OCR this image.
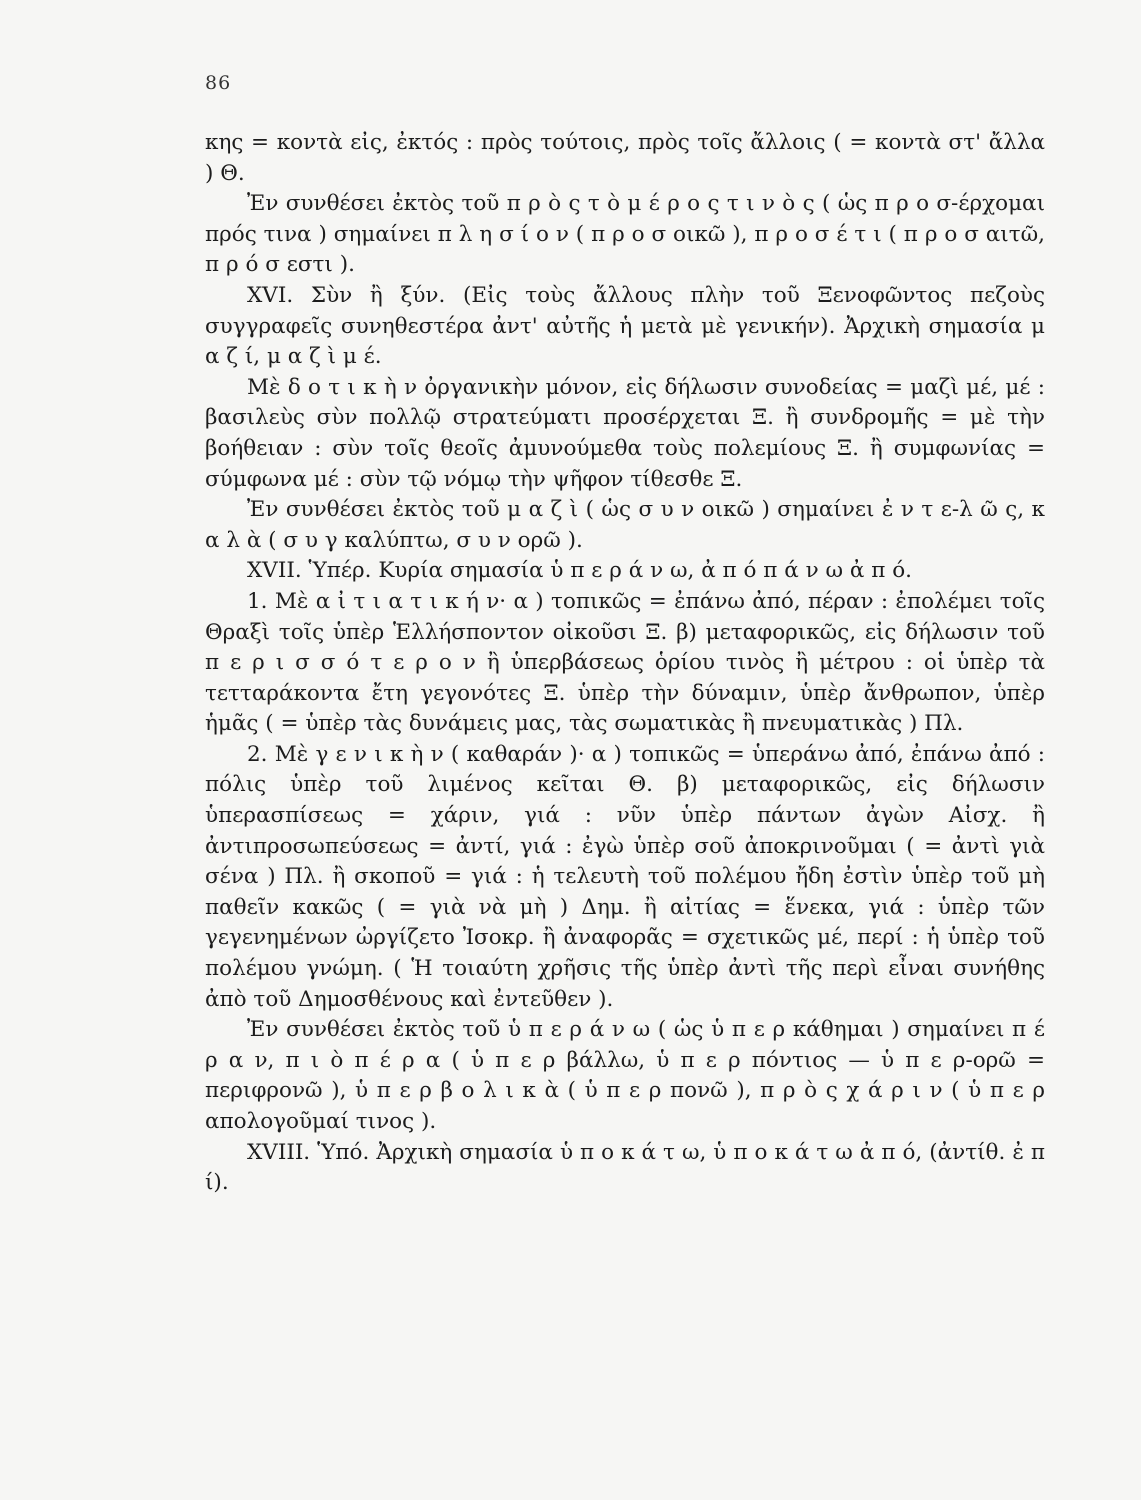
86

κης = κοντὰ εἰς, ἐκτός : πρὸς τούτοις, πρὸς τοῖς ἄλλοις ( = κοντὰ στ' ἄλλα ) Θ.

Ἐν συνθέσει ἐκτὸς τοῦ π ρ ὸ ς τ ὸ μ έ ρ ο ς τ ι ν ὸ ς ( ὡς π ρ ο σ-έρχομαι πρός τινα ) σημαίνει π λ η σ ί ο ν ( π ρ ο σ οικῶ ), π ρ ο σ έ τ ι ( π ρ ο σ αιτῶ, π ρ ό σ εστι ).

XVI. Σὺν ἢ ξύν. (Εἰς τοὺς ἄλλους πλὴν τοῦ Ξενοφῶντος πεζοὺς συγγραφεῖς συνηθεστέρα ἀντ' αὐτῆς ἡ μετὰ μὲ γενικήν). Ἀρχικὴ σημασία μ α ζ ί, μ α ζ ὶ μ έ.

Μὲ δ ο τ ι κ ὴ ν ὀργανικὴν μόνον, εἰς δήλωσιν συνοδείας = μαζὶ μέ, μέ : βασιλεὺς σὺν πολλῷ στρατεύματι προσέρχεται Ξ. ἢ συνδρομῆς = μὲ τὴν βοήθειαν : σὺν τοῖς θεοῖς ἀμυνούμεθα τοὺς πολεμίους Ξ. ἢ συμφωνίας = σύμφωνα μέ : σὺν τῷ νόμῳ τὴν ψῆφον τίθεσθε Ξ.

Ἐν συνθέσει ἐκτὸς τοῦ μ α ζ ὶ ( ὡς σ υ ν οικῶ ) σημαίνει ἐ ν τ ε-λ ῶ ς, κ α λ ὰ ( σ υ γ καλύπτω, σ υ ν ορῶ ).

XVII. Ὑπέρ. Κυρία σημασία ὑ π ε ρ ά ν ω, ἀ π ό π ά ν ω ἀ π ό.

1. Μὲ α ἰ τ ι α τ ι κ ή ν· α ) τοπικῶς = ἐπάνω ἀπό, πέραν : ἐπολέμει τοῖς Θραξὶ τοῖς ὑπὲρ Ἑλλήσποντον οἰκοῦσι Ξ. β) μεταφορικῶς, εἰς δήλωσιν τοῦ π ε ρ ι σ σ ό τ ε ρ ο ν ἢ ὑπερβάσεως ὁρίου τινὸς ἢ μέτρου : οἱ ὑπὲρ τὰ τετταράκοντα ἔτη γεγονότες Ξ. ὑπὲρ τὴν δύναμιν, ὑπὲρ ἄνθρωπον, ὑπὲρ ἡμᾶς ( = ὑπὲρ τὰς δυνάμεις μας, τὰς σωματικὰς ἢ πνευματικὰς ) Πλ.

2. Μὲ γ ε ν ι κ ὴ ν ( καθαράν )· α ) τοπικῶς = ὑπεράνω ἀπό, ἐπάνω ἀπό : πόλις ὑπὲρ τοῦ λιμένος κεῖται Θ. β) μεταφορικῶς, εἰς δήλωσιν ὑπερασπίσεως = χάριν, γιά : νῦν ὑπὲρ πάντων ἀγὼν Αἰσχ. ἢ ἀντιπροσωπεύσεως = ἀντί, γιά : ἐγὼ ὑπὲρ σοῦ ἀποκρινοῦμαι ( = ἀντὶ γιὰ σένα ) Πλ. ἢ σκοποῦ = γιά : ἡ τελευτὴ τοῦ πολέμου ἤδη ἐστὶν ὑπὲρ τοῦ μὴ παθεῖν κακῶς ( = γιὰ νὰ μὴ ) Δημ. ἢ αἰτίας = ἕνεκα, γιά : ὑπὲρ τῶν γεγενημένων ὠργίζετο Ἰσοκρ. ἢ ἀναφορᾶς = σχετικῶς μέ, περί : ἡ ὑπὲρ τοῦ πολέμου γνώμη. ( Ἡ τοιαύτη χρῆσις τῆς ὑπὲρ ἀντὶ τῆς περὶ εἶναι συνήθης ἀπὸ τοῦ Δημοσθένους καὶ ἐντεῦθεν ).

Ἐν συνθέσει ἐκτὸς τοῦ ὑ π ε ρ ά ν ω ( ὡς ὑ π ε ρ κάθημαι ) σημαίνει π έ ρ α ν, π ι ὸ π έ ρ α ( ὑ π ε ρ βάλλω, ὑ π ε ρ πόντιος — ὑ π ε ρ-ορῶ = περιφρονῶ ), ὑ π ε ρ β ο λ ι κ ὰ ( ὑ π ε ρ πονῶ ), π ρ ὸ ς χ ά ρ ι ν ( ὑ π ε ρ απολογοῦμαί τινος ).

XVIII. Ὑπό. Ἀρχικὴ σημασία ὑ π ο κ ά τ ω, ὑ π ο κ ά τ ω ἀ π ό, (ἀντίθ. ἐ π ί).
